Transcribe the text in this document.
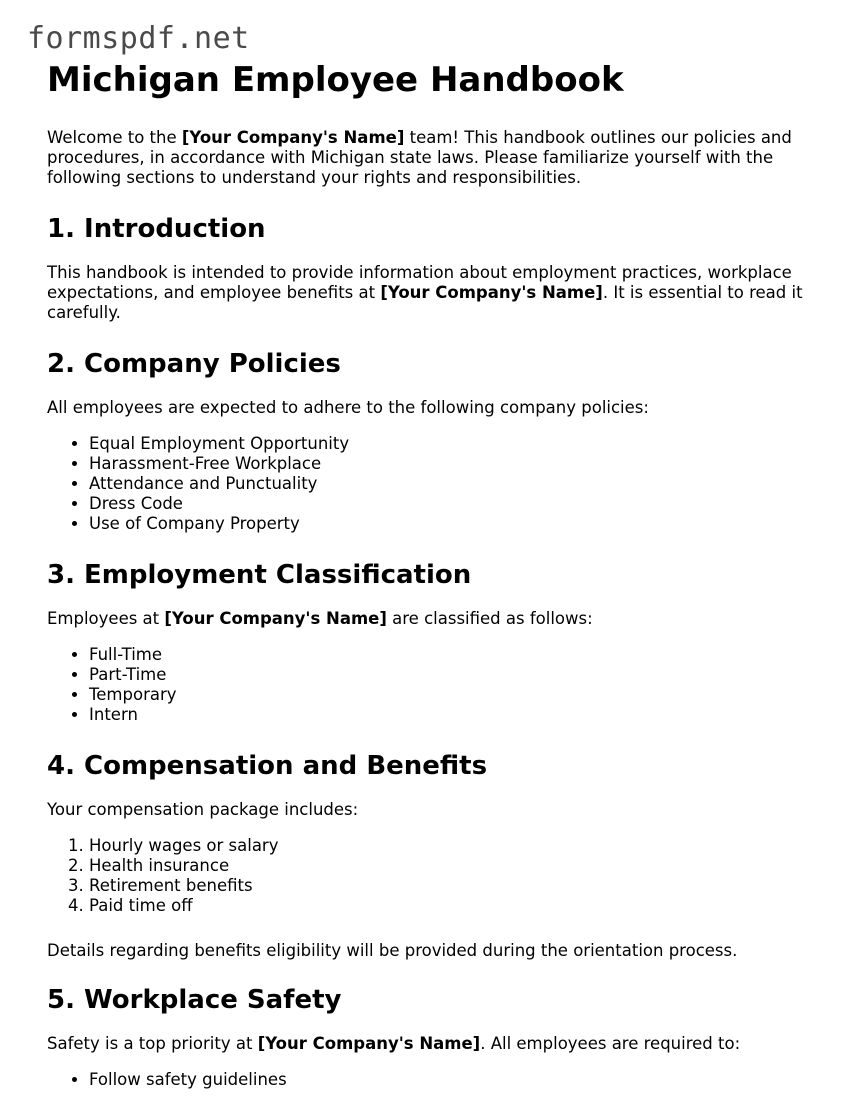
formspdf.net
Michigan Employee Handbook

Welcome to the [Your Company's Name] team! This handbook outlines our policies and procedures, in accordance with Michigan state laws. Please familiarize yourself with the following sections to understand your rights and responsibilities.

1. Introduction

This handbook is intended to provide information about employment practices, workplace expectations, and employee benefits at [Your Company's Name]. It is essential to read it carefully.

2. Company Policies

All employees are expected to adhere to the following company policies:

• Equal Employment Opportunity
• Harassment-Free Workplace
• Attendance and Punctuality
• Dress Code
• Use of Company Property
3. Employment Classification

Employees at [Your Company's Name] are classified as follows:

• Full-Time
• Part-Time
• Temporary
• Intern
4. Compensation and Benefits

Your compensation package includes:

1. Hourly wages or salary
2. Health insurance
3. Retirement benefits
4. Paid time off

Details regarding benefits eligibility will be provided during the orientation process.

5. Workplace Safety

Safety is a top priority at [Your Company's Name]. All employees are required to:

• Follow safety guidelines
